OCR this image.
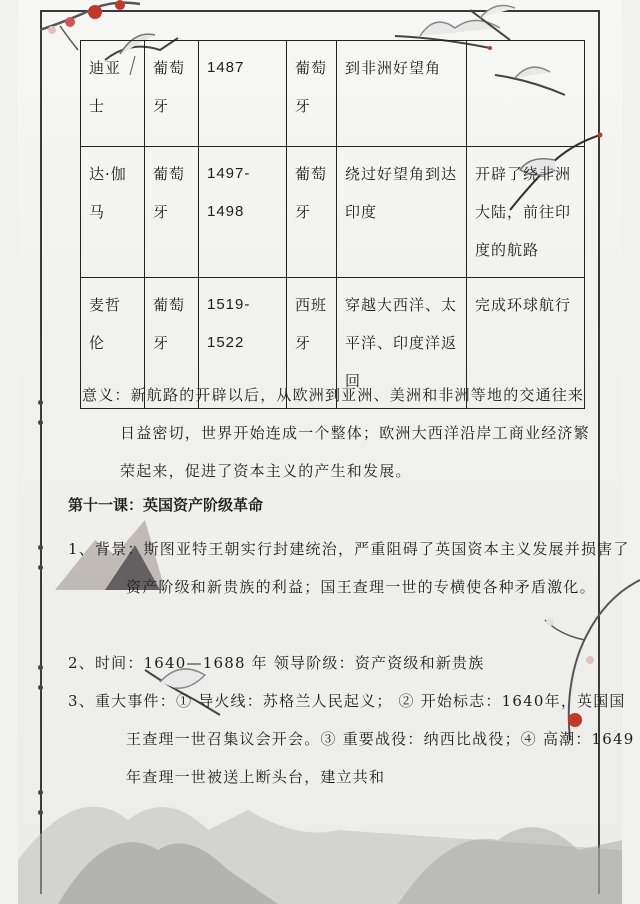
迪亚士	葡萄牙	1487	葡萄牙	到非洲好望角	
达·伽马	葡萄牙	1497-1498	葡萄牙	绕过好望角到达印度	开辟了绕非洲大陆，前往印度的航路
麦哲伦	葡萄牙	1519-1522	西班牙	穿越大西洋、太平洋、印度洋返回	完成环球航行

意义：新航路的开辟以后，从欧洲到亚洲、美洲和非洲等地的交通往来日益密切，世界开始连成一个整体；欧洲大西洋沿岸工商业经济繁荣起来，促进了资本主义的产生和发展。

第十一课：英国资产阶级革命

1、背景：斯图亚特王朝实行封建统治，严重阻碍了英国资本主义发展并损害了资产阶级和新贵族的利益；国王查理一世的专横使各种矛盾激化。

2、时间：1640—1688 年 领导阶级：资产资级和新贵族

3、重大事件：① 导火线：苏格兰人民起义； ② 开始标志：1640年，英国国王查理一世召集议会开会。③ 重要战役：纳西比战役；④ 高潮：1649 年查理一世被送上断头台，建立共和
